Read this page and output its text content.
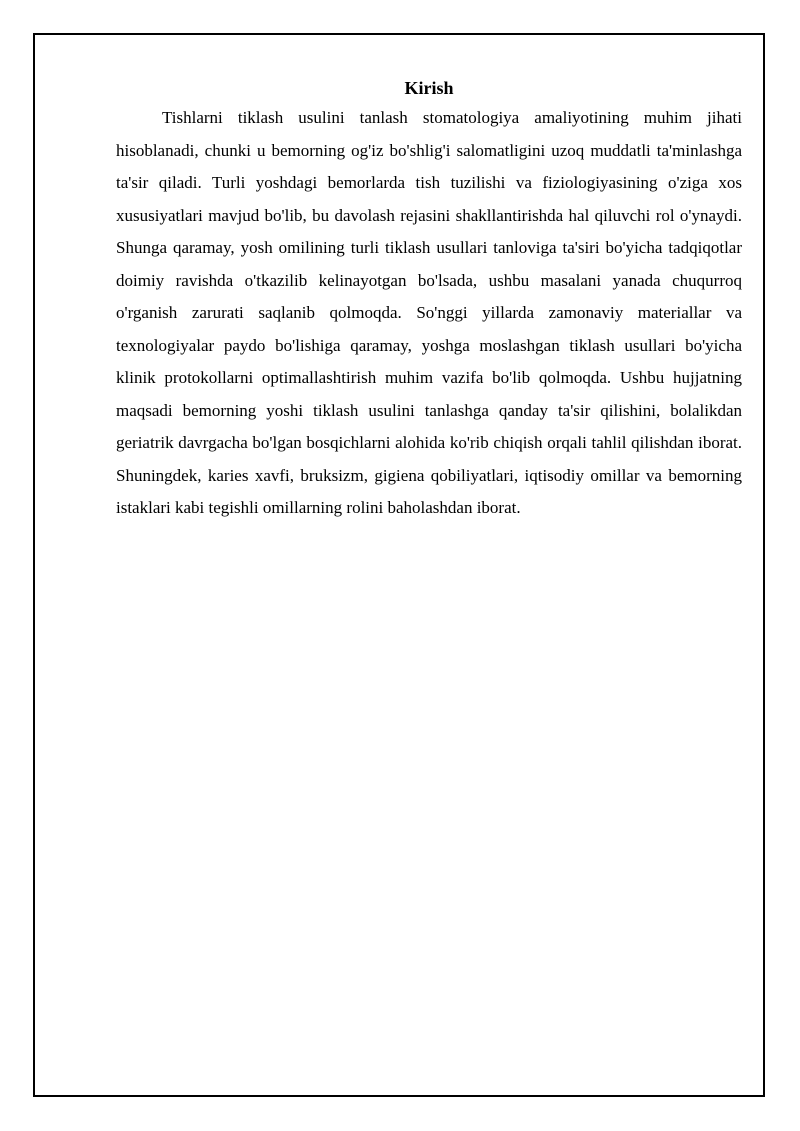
Kirish

Tishlarni tiklash usulini tanlash stomatologiya amaliyotining muhim jihati hisoblanadi, chunki u bemorning og'iz bo'shlig'i salomatligini uzoq muddatli ta'minlashga ta'sir qiladi. Turli yoshdagi bemorlarda tish tuzilishi va fiziologiyasining o'ziga xos xususiyatlari mavjud bo'lib, bu davolash rejasini shakllantirishda hal qiluvchi rol o'ynaydi. Shunga qaramay, yosh omilining turli tiklash usullari tanloviga ta'siri bo'yicha tadqiqotlar doimiy ravishda o'tkazilib kelinayotgan bo'lsada, ushbu masalani yanada chuqurroq o'rganish zarurati saqlanib qolmoqda. So'nggi yillarda zamonaviy materiallar va texnologiyalar paydo bo'lishiga qaramay, yoshga moslashgan tiklash usullari bo'yicha klinik protokollarni optimallashtirish muhim vazifa bo'lib qolmoqda. Ushbu hujjatning maqsadi bemorning yoshi tiklash usulini tanlashga qanday ta'sir qilishini, bolalikdan geriatrik davrgacha bo'lgan bosqichlarni alohida ko'rib chiqish orqali tahlil qilishdan iborat. Shuningdek, karies xavfi, bruksizm, gigiena qobiliyatlari, iqtisodiy omillar va bemorning istaklari kabi tegishli omillarning rolini baholashdan iborat.
